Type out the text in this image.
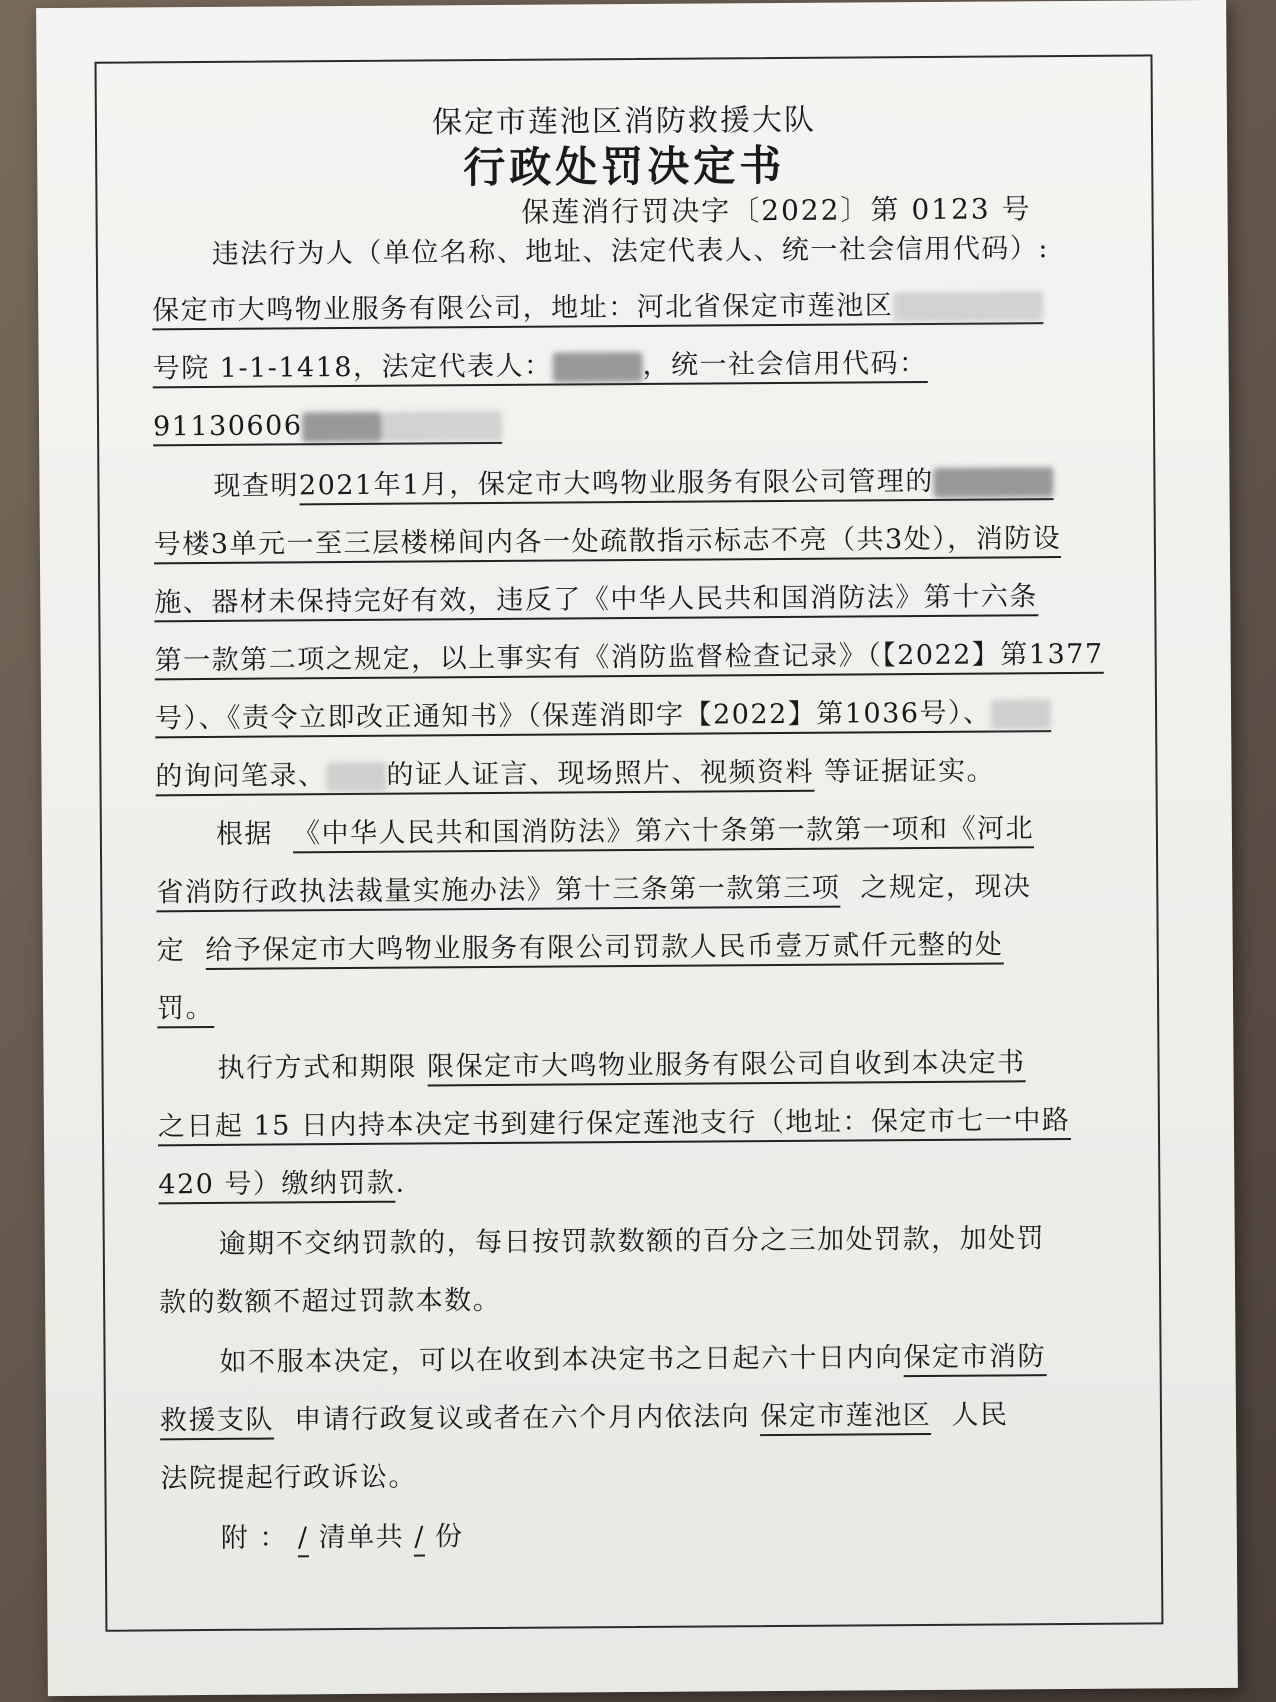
保定市莲池区消防救援大队
行政处罚决定书
保莲消行罚决字〔2022〕第 0123 号
违法行为人（单位名称、地址、法定代表人、统一社会信用代码）:
保定市大鸣物业服务有限公司，地址：河北省保定市莲池区
号院 1-1-1418，法定代表人：	，统一社会信用代码：
91130606
现查明2021年1月，保定市大鸣物业服务有限公司管理的
号楼3单元一至三层楼梯间内各一处疏散指示标志不亮（共3处），消防设
施、器材未保持完好有效，违反了《中华人民共和国消防法》第十六条
第一款第二项之规定，以上事实有《消防监督检查记录》（【2022】第1377
号）、《责令立即改正通知书》（保莲消即字【2022】第1036号）、
的询问笔录、 的证人证言、现场照片、视频资料 等证据证实。
根据 《中华人民共和国消防法》第六十条第一款第一项和《河北
省消防行政执法裁量实施办法》第十三条第一款第三项 之规定，现决
定 给予保定市大鸣物业服务有限公司罚款人民币壹万贰仟元整的处
罚。
执行方式和期限 限保定市大鸣物业服务有限公司自收到本决定书
之日起 15 日内持本决定书到建行保定莲池支行（地址：保定市七一中路
420 号）缴纳罚款.
逾期不交纳罚款的，每日按罚款数额的百分之三加处罚款，加处罚
款的数额不超过罚款本数。
如不服本决定，可以在收到本决定书之日起六十日内向保定市消防
救援支队 申请行政复议或者在六个月内依法向 保定市莲池区 人民
法院提起行政诉讼。
附 ： / 清单共 / 份
